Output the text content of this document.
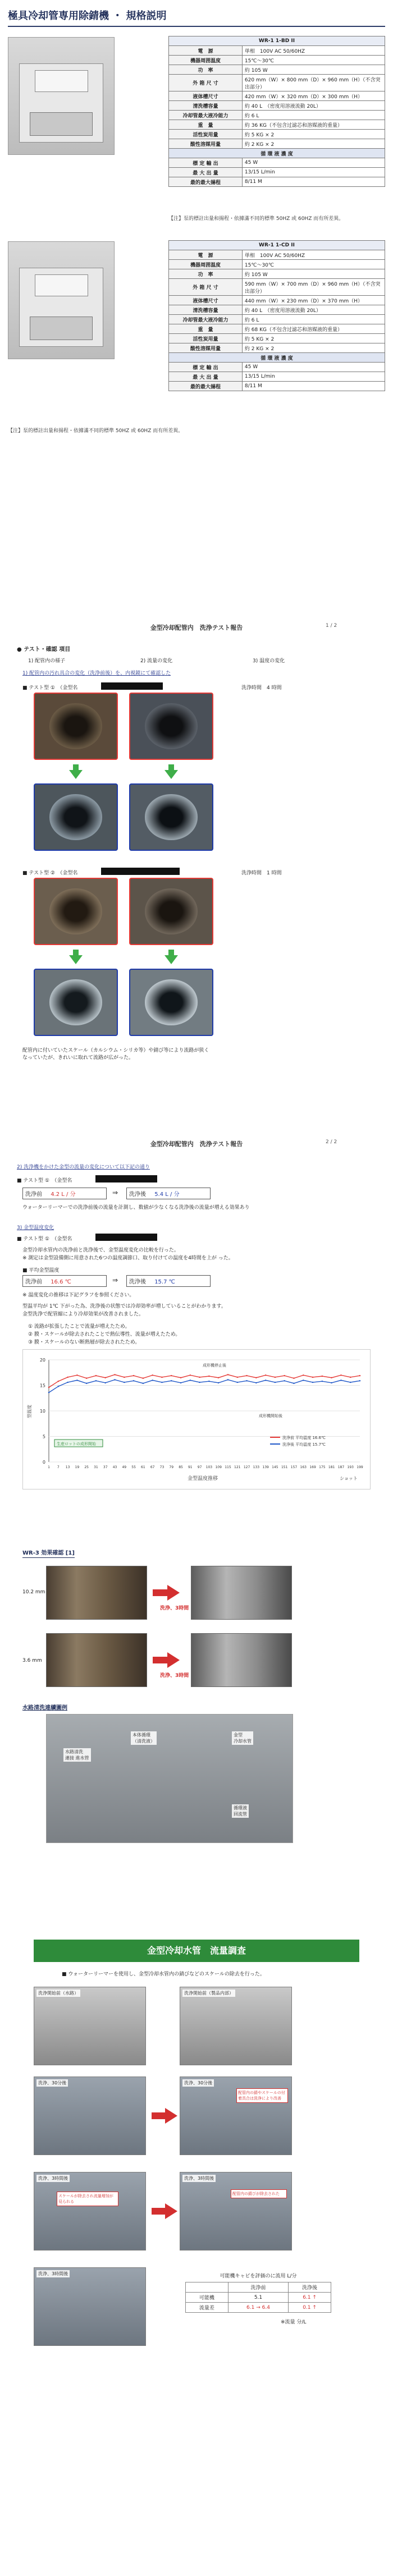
極具冷却管専用除錆機 ・ 規格説明
WR-1 1-BD II	
電　源	単相　100V AC 50/60HZ
機器周囲温度	15℃～30℃
功　率	約 105 W
外 箱 尺 寸	620 mm（W）× 800 mm（D）× 960 mm（H）（不含突出部分）
液体槽尺寸	420 mm（W）× 320 mm（D）× 300 mm（H）
清洗槽容量	約 40 L　（密度用溶液流動 20L）
冷却管最大液冷能力	約 6 L
重　量	約 36 KG（不包含过滤芯和溶媒液的重量）
活性炭用量	約 5 KG × 2
酸性溶媒用量	約 2 KG × 2
循 環 液 濃 度	
標 定 輸 出	45 W
最 大 出 量	13/15 L/min
最的最大揚程	8/11 M
【注】泵的標註出量和揚程・依據滿不同的標準 50HZ 或 60HZ 而有所差異。
WR-1 1-CD II	
電　源	単相　100V AC 50/60HZ
機器周囲温度	15℃～30℃
功　率	約 105 W
外 箱 尺 寸	590 mm（W）× 700 mm（D）× 960 mm（H）（不含突出部分）
液体槽尺寸	440 mm（W）× 230 mm（D）× 370 mm（H）
清洗槽容量	約 40 L　（密度用溶液流動 20L）
冷却管最大液冷能力	約 6 L
重　量	約 68 KG（不包含过滤芯和溶媒液的重量）
活性炭用量	約 5 KG × 2
酸性溶媒用量	約 2 KG × 2
循 環 液 濃 度	
標 定 輸 出	45 W
最 大 出 量	13/15 L/min
最的最大揚程	8/11 M
【注】泵的標註出量和揚程・依據滿不同的標準 50HZ 或 60HZ 而有所差異。
金型冷却配管内　洗浄テスト報告	1 / 2
● テスト・確認 項目
1) 配管内の様子	2) 流量の変化	3) 温度の変化
1) 配管内の汚れ具合の変化（洗浄前後）を、内視鏡にて確認した
■ テスト型 ①　（金型名	洗浄時間　4 時間
■ テスト型 ②　（金型名	洗浄時間　1 時間
配管内に付いていたスケール（カルシウム・シリカ等）や錆び等により流路が狭くなっていたが、きれいに取れて流路が広がった。
金型冷却配管内　洗浄テスト報告	2 / 2
2) 洗浄機をかけた金型の流量の変化について以下記の通り
■ テスト型 ①　（金型名
洗浄前 4.2 L / 分	⇒	洗浄後 5.4 L / 分
ウォーターリーマーでの洗浄前後の流量を計測し、数値が少なくなる洗浄後の流量が増える効果あり
3) 金型温度変化
■ テスト型 ①　（金型名
金型冷却水管内の洗浄前と洗浄後で、金型温度変化の比較を行った。
※ 測定は金型設備側に用意された6つの温度調節口、取り付けての温度を4時間を上が った。
■ 平均金型温度
洗浄前 16.6 ℃	⇒	洗浄後 15.7 ℃
※ 温度変化の推移は下記グラフを参照ください。
型温平均が 1℃ 下がった為、洗浄後の状態では冷却効率が増していることがわかります。
金型洗浄で配管縮により冷却効果が改善されました。
① 流路が拡張したことで流量が増えたため。
② 膜・スケールが除去されたことで熱伝導性、流量が増えたため。
③ 膜・スケールのない断熱層が除去されたため。
0
5
10
15
20
1 7 13 19 25 31 37 43 49 55 61 67 73 79 85 91 97 103 109 115 121 127 133 139 145 151 157 163 169 175 181 187 193 199
洗浄前 平均温度 16.6℃
洗浄後 平均温度 15.7℃
成形機停止後
成形機開始後
生産ロットの成形開始
型温度
金型温度推移	ショット
WR-3 効果確認 [1]
10.2 mm
洗浄、3時間
3.6 mm
洗浄、3時間
水路清洗連續圖例
水路清洗
連接 進水管
本体循環
（清洗液）
金型
冷却水管
循環液
回流管
金型冷却水管　流量調査
■ ウォーターリーマーを使用し、金型冷却水管内の錆びなどのスケールの除去を行った。
洗浄開始前（水路）	洗浄開始前（製品内部）
洗浄、30分後	洗浄、30分後
配管内の錆やスケールの付着具合は洗浄により改善
洗浄、3時間後
スケールが除去され流量増加が見られる
洗浄、3時間後
配管内の錆びが除去された
洗浄、3時間後	可能機キャビを評価のに流用 L/分
	洗浄前	洗浄後
可能機	5.1	6.1 ↑
流量差	6.1 → 6.4	0.1 ↑
※流量 分/L
